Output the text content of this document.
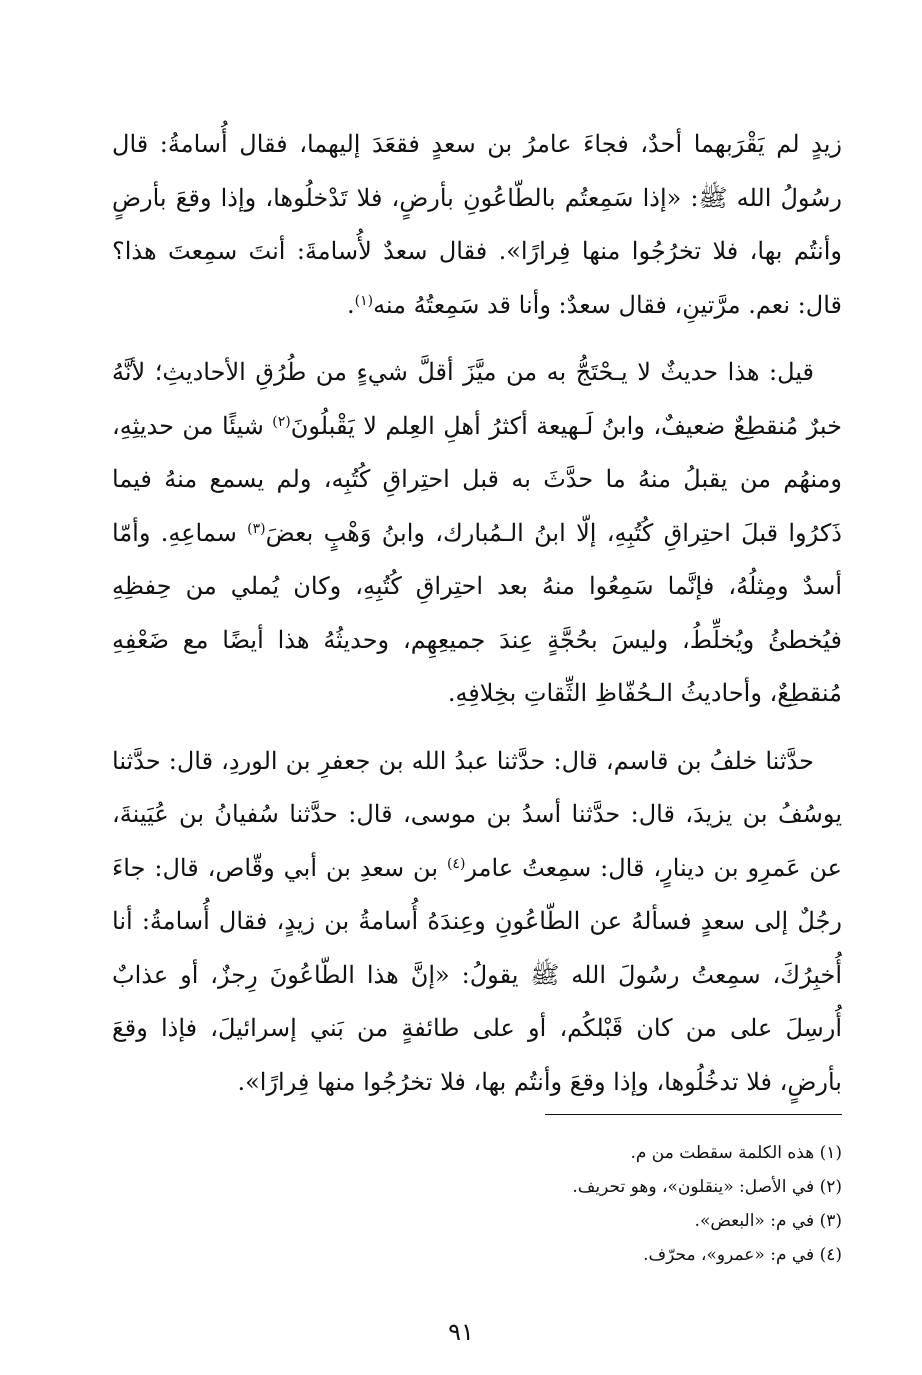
زيدٍ لم يَقْرَبهما أحدٌ، فجاءَ عامرُ بن سعدٍ فقعَدَ إليهما، فقال أُسامةُ: قال رسُولُ الله ﷺ: «إذا سَمِعتُم بالطّاعُونِ بأرضٍ، فلا تَدْخلُوها، وإذا وقعَ بأرضٍ وأنتُم بها، فلا تخرُجُوا منها فِرارًا». فقال سعدٌ لأُسامةَ: أنتَ سمِعتَ هذا؟ قال: نعم. مرَّتينِ، فقال سعدٌ: وأنا قد سَمِعتُهُ منه$^{(١)}$.

قيل: هذا حديثٌ لا يـحْتَجُّ به من ميَّزَ أقلَّ شيءٍ من طُرُقِ الأحاديثِ؛ لأنَّهُ خبرٌ مُنقطِعٌ ضعيفٌ، وابنُ لَـهيعة أكثرُ أهلِ العِلم لا يَقْبلُونَ$^{(٢)}$ شيئًا من حديثِهِ، ومنهُم من يقبلُ منهُ ما حدَّثَ به قبل احتِراقِ كُتُبِه، ولم يسمع منهُ فيما ذَكرُوا قبلَ احتِراقِ كُتُبِهِ، إلّا ابنُ الـمُبارك، وابنُ وَهْبٍ بعضَ$^{(٣)}$ سماعِهِ. وأمّا أسدٌ ومِثلُهُ، فإنَّما سَمِعُوا منهُ بعد احتِراقِ كُتُبِهِ، وكان يُملي من حِفظِهِ فيُخطئُ ويُخلِّطُ، وليسَ بحُجَّةٍ عِندَ جميعِهِم، وحديثُهُ هذا أيضًا مع ضَعْفِهِ مُنقطِعٌ، وأحاديثُ الـحُفّاظِ الثِّقاتِ بخِلافِهِ.

حدَّثنا خلفُ بن قاسم، قال: حدَّثنا عبدُ الله بن جعفرِ بن الوردِ، قال: حدَّثنا يوسُفُ بن يزيدَ، قال: حدَّثنا أسدُ بن موسى، قال: حدَّثنا سُفيانُ بن عُيَينةَ، عن عَمرِو بن دينارٍ، قال: سمِعتُ عامر$^{(٤)}$ بن سعدِ بن أبي وقّاص، قال: جاءَ رجُلٌ إلى سعدٍ فسألهُ عن الطّاعُونِ وعِندَهُ أُسامةُ بن زيدٍ، فقال أُسامةُ: أنا أُخبِرُكَ، سمِعتُ رسُولَ الله ﷺ يقولُ: «إنَّ هذا الطّاعُونَ رِجزٌ، أو عذابٌ أُرسِلَ على من كان قَبْلكُم، أو على طائفةٍ من بَني إسرائيلَ، فإذا وقعَ بأرضٍ، فلا تدخُلُوها، وإذا وقعَ وأنتُم بها، فلا تخرُجُوا منها فِرارًا».

(١) هذه الكلمة سقطت من م.

(٢) في الأصل: «ينقلون»، وهو تحريف.

(٣) في م: «البعض».

(٤) في م: «عمرو»، محرّف.

٩١
